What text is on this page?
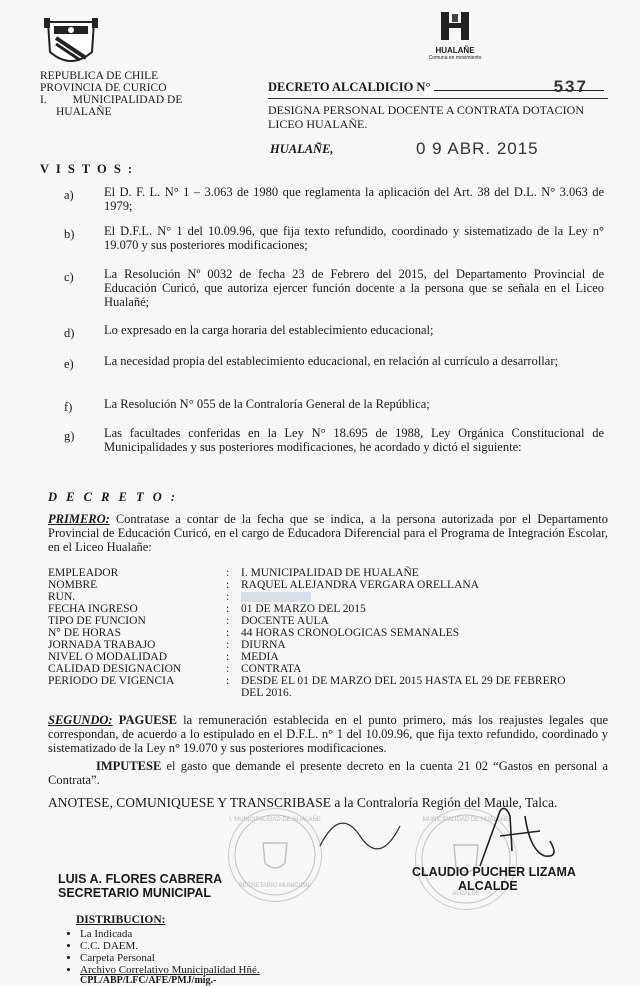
REPUBLICA DE CHILE
PROVINCIA DE CURICO
I.         MUNICIPALIDAD DE
HUALAÑE
HUALAÑE
Comuna en movimiento
DECRETO ALCALDICIO N°	537
DESIGNA PERSONAL DOCENTE A CONTRATA DOTACION LICEO HUALAÑE.
HUALAÑE,	0 9 ABR. 2015
V I S T O S :
a) El D. F. L. N° 1 – 3.063 de 1980 que reglamenta la aplicación del Art. 38 del D.L. N° 3.063 de 1979;
b) El D.F.L. N° 1 del 10.09.96, que fija texto refundido, coordinado y sistematizado de la Ley n° 19.070 y sus posteriores modificaciones;
c) La Resolución Nº 0032 de fecha 23 de Febrero del 2015, del Departamento Provincial de Educación Curicó, que autoriza ejercer función docente a la persona que se señala en el Liceo Hualañé;
d) Lo expresado en la carga horaria del establecimiento educacional;
e) La necesidad propia del establecimiento educacional, en relación al currículo a desarrollar;
f)	La Resolución N° 055 de la Contraloría General de la República;
g) Las facultades conferidas en la Ley N° 18.695 de 1988, Ley Orgánica Constitucional de Municipalidades y sus posteriores modificaciones, he acordado y dictó el siguiente:
D E C R E T O :
PRIMERO: Contratase a contar de la fecha que se indica, a la persona autorizada por el Departamento Provincial de Educación Curicó, en el cargo de Educadora Diferencial para el Programa de Integración Escolar, en el Liceo Hualañe:
EMPLEADOR	: I. MUNICIPALIDAD DE HUALAÑE
NOMBRE	: RAQUEL ALEJANDRA VERGARA ORELLANA
RUN.	:
FECHA INGRESO	: 01 DE MARZO DEL 2015
TIPO DE FUNCION	: DOCENTE AULA
N° DE HORAS	: 44 HORAS CRONOLOGICAS SEMANALES
JORNADA TRABAJO	: DIURNA
NIVEL O MODALIDAD	: MEDIA
CALIDAD DESIGNACION	: CONTRATA
PERIODO DE VIGENCIA	: DESDE EL 01 DE MARZO DEL 2015 HASTA EL 29 DE FEBRERO DEL 2016.
SEGUNDO: PAGUESE la remuneración establecida en el punto primero, más los reajustes legales que correspondan, de acuerdo a lo estipulado en el D.F.L. n° 1 del 10.09.96, que fija texto refundido, coordinado y sistematizado de la Ley n° 19.070 y sus posteriores modificaciones.
IMPUTESE el gasto que demande el presente decreto en la cuenta 21 02 “Gastos en personal a Contrata”.
ANOTESE, COMUNIQUESE Y TRANSCRIBASE a la Contraloría Región del Maule, Talca.
I. MUNICIPALIDAD DE HUALAÑE
SECRETARIO MUNICIPAL
MUNICIPALIDAD DE HUALAÑE
ALCALDE
LUIS A. FLORES CABRERA
SECRETARIO MUNICIPAL
CLAUDIO PUCHER LIZAMA
ALCALDE
DISTRIBUCION:
• La Indicada
• C.C. DAEM.
• Carpeta Personal
• Archivo Correlativo Municipalidad Hñé.
CPL/ABP/LFC/AFE/PMJ/mig.-
